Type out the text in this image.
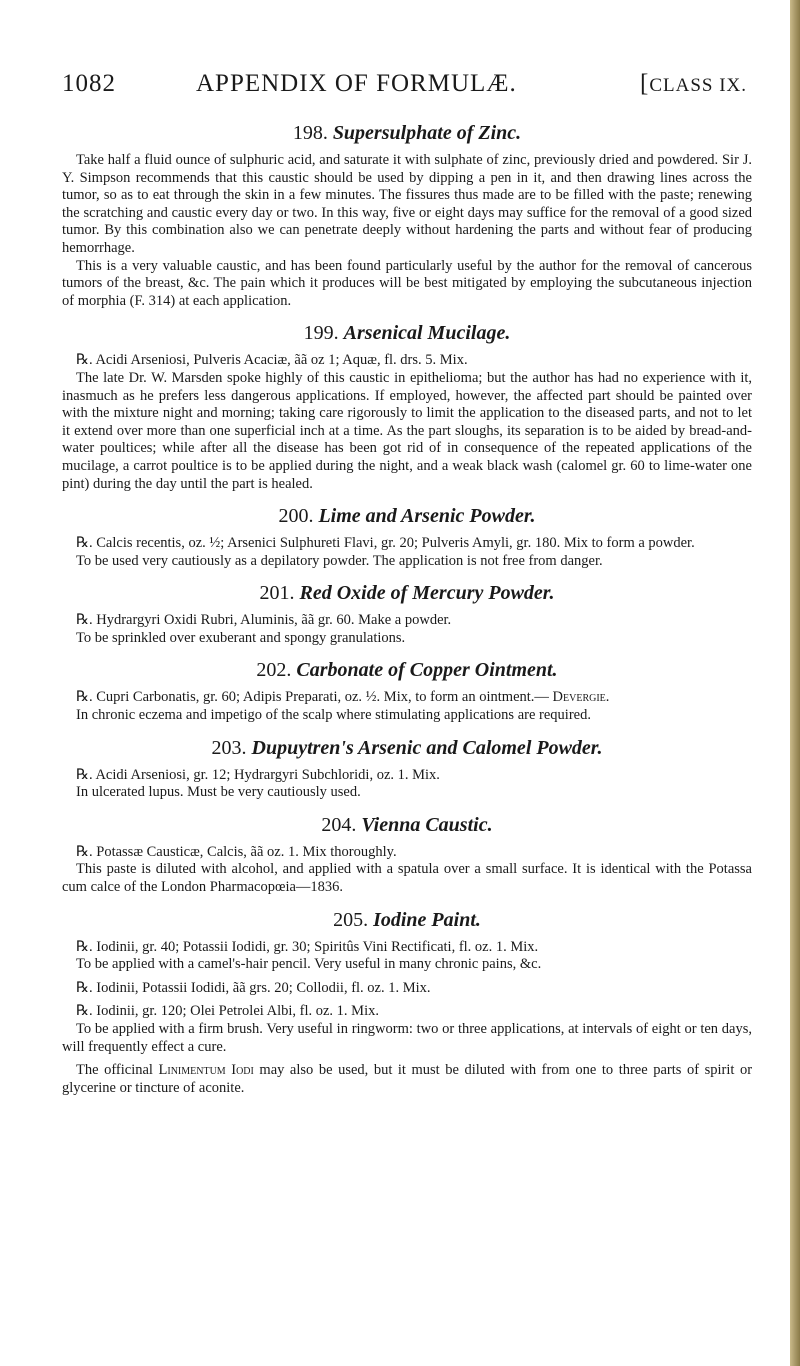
1082	APPENDIX OF FORMULÆ.	[CLASS IX.
198. Supersulphate of Zinc.

Take half a fluid ounce of sulphuric acid, and saturate it with sulphate of zinc, previously dried and powdered. Sir J. Y. Simpson recommends that this caustic should be used by dipping a pen in it, and then drawing lines across the tumor, so as to eat through the skin in a few minutes. The fissures thus made are to be filled with the paste; renewing the scratching and caustic every day or two. In this way, five or eight days may suffice for the removal of a good sized tumor. By this combination also we can penetrate deeply without hardening the parts and without fear of producing hemorrhage.

This is a very valuable caustic, and has been found particularly useful by the author for the removal of cancerous tumors of the breast, &c. The pain which it produces will be best mitigated by employing the subcutaneous injection of morphia (F. 314) at each application.

199. Arsenical Mucilage.

℞. Acidi Arseniosi, Pulveris Acaciæ, ãã oz 1; Aquæ, fl. drs. 5. Mix.

The late Dr. W. Marsden spoke highly of this caustic in epithelioma; but the author has had no experience with it, inasmuch as he prefers less dangerous applications. If employed, however, the affected part should be painted over with the mixture night and morning; taking care rigorously to limit the application to the diseased parts, and not to let it extend over more than one superficial inch at a time. As the part sloughs, its separation is to be aided by bread-and-water poultices; while after all the disease has been got rid of in consequence of the repeated applications of the mucilage, a carrot poultice is to be applied during the night, and a weak black wash (calomel gr. 60 to lime-water one pint) during the day until the part is healed.

200. Lime and Arsenic Powder.

℞. Calcis recentis, oz. ½; Arsenici Sulphureti Flavi, gr. 20; Pulveris Amyli, gr. 180. Mix to form a powder.

To be used very cautiously as a depilatory powder. The application is not free from danger.

201. Red Oxide of Mercury Powder.

℞. Hydrargyri Oxidi Rubri, Aluminis, ãã gr. 60. Make a powder.

To be sprinkled over exuberant and spongy granulations.

202. Carbonate of Copper Ointment.

℞. Cupri Carbonatis, gr. 60; Adipis Preparati, oz. ½. Mix, to form an ointment.— Devergie.

In chronic eczema and impetigo of the scalp where stimulating applications are required.

203. Dupuytren's Arsenic and Calomel Powder.

℞. Acidi Arseniosi, gr. 12; Hydrargyri Subchloridi, oz. 1. Mix.

In ulcerated lupus. Must be very cautiously used.

204. Vienna Caustic.

℞. Potassæ Causticæ, Calcis, ãã oz. 1. Mix thoroughly.

This paste is diluted with alcohol, and applied with a spatula over a small surface. It is identical with the Potassa cum calce of the London Pharmacopœia—1836.

205. Iodine Paint.

℞. Iodinii, gr. 40; Potassii Iodidi, gr. 30; Spiritûs Vini Rectificati, fl. oz. 1. Mix.

To be applied with a camel's-hair pencil. Very useful in many chronic pains, &c.

℞. Iodinii, Potassii Iodidi, ãã grs. 20; Collodii, fl. oz. 1. Mix.

℞. Iodinii, gr. 120; Olei Petrolei Albi, fl. oz. 1. Mix.

To be applied with a firm brush. Very useful in ringworm: two or three applications, at intervals of eight or ten days, will frequently effect a cure.

The officinal Linimentum Iodi may also be used, but it must be diluted with from one to three parts of spirit or glycerine or tincture of aconite.
